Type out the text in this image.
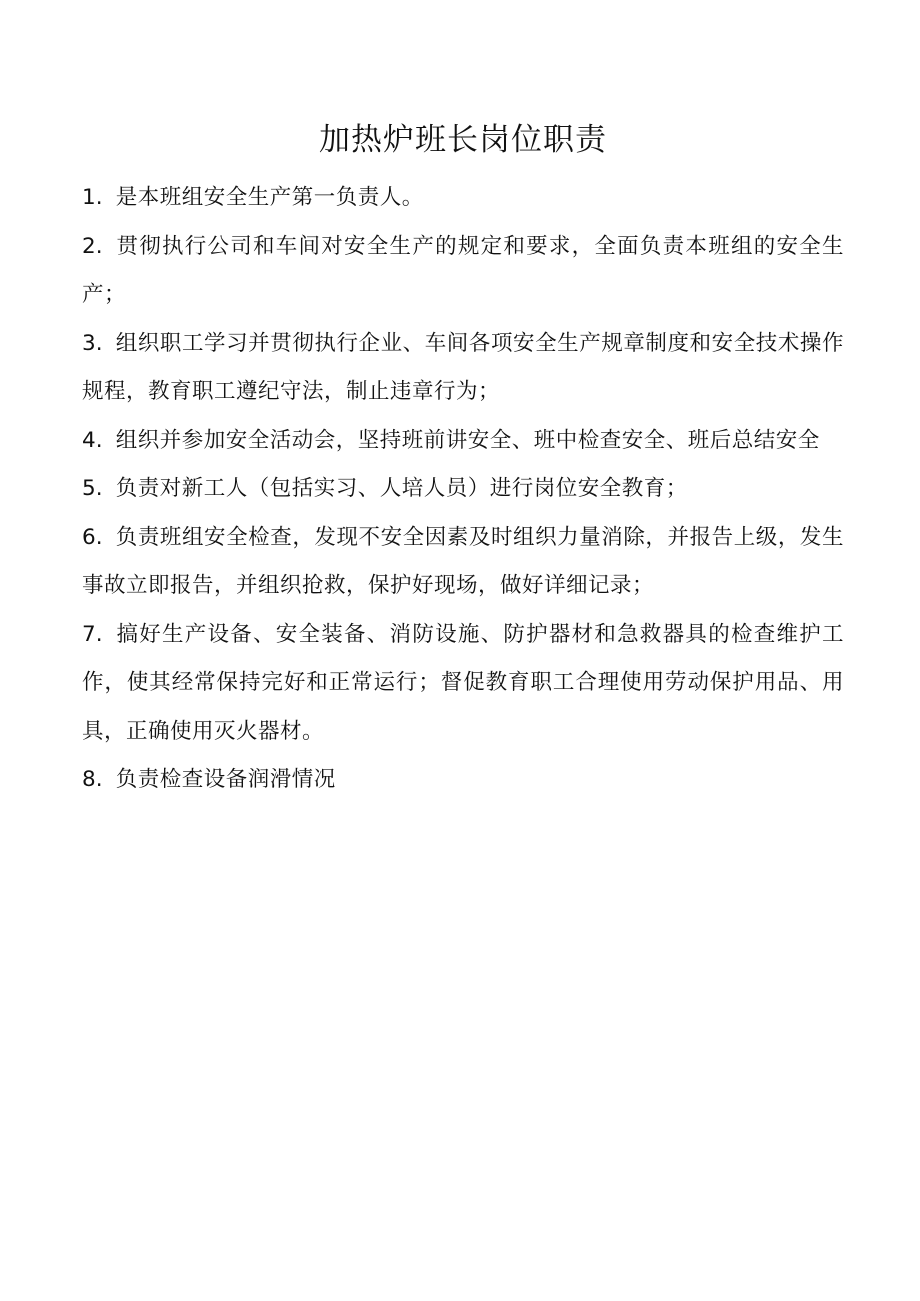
加热炉班长岗位职责

1. 是本班组安全生产第一负责人。

2. 贯彻执行公司和车间对安全生产的规定和要求，全面负责本班组的安全生产；

3. 组织职工学习并贯彻执行企业、车间各项安全生产规章制度和安全技术操作规程，教育职工遵纪守法，制止违章行为；

4. 组织并参加安全活动会，坚持班前讲安全、班中检查安全、班后总结安全

5. 负责对新工人（包括实习、人培人员）进行岗位安全教育；

6. 负责班组安全检查，发现不安全因素及时组织力量消除，并报告上级，发生事故立即报告，并组织抢救，保护好现场，做好详细记录；

7. 搞好生产设备、安全装备、消防设施、防护器材和急救器具的检查维护工作，使其经常保持完好和正常运行；督促教育职工合理使用劳动保护用品、用具，正确使用灭火器材。

8. 负责检查设备润滑情况
